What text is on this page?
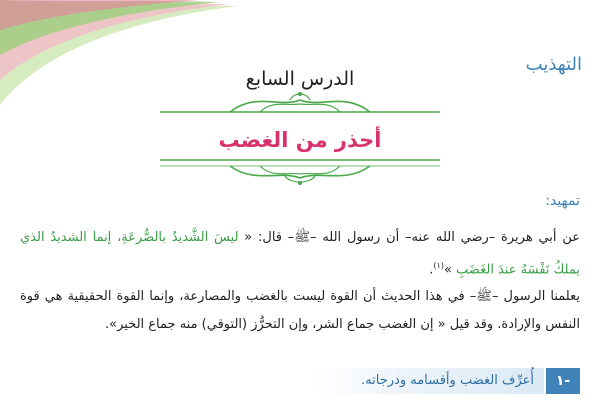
التهذيب
الدرس السابع
أحذر من الغضب
تمهيد:

عن أبي هريرة –رضي الله عنه– أن رسول الله –ﷺ– قال: « ليسَ الشَّديدُ بالصُّرعَةِ، إنما الشديدُ الذي يملكُ نَفْسَهُ عندَ الغَضَبِ »$^{(١)}$.

يعلمنا الرسول –ﷺ– في هذا الحديث أن القوة ليست بالغضب والمصارعة، وإنما القوة الحقيقية هي قوة النفس والإرادة. وقد قيل « إن الغضب جماع الشر، وإن التحرُّز (التوقي) منه جماع الخير».

١-
أُعرِّف الغضب وأقسامه ودرجاته.
